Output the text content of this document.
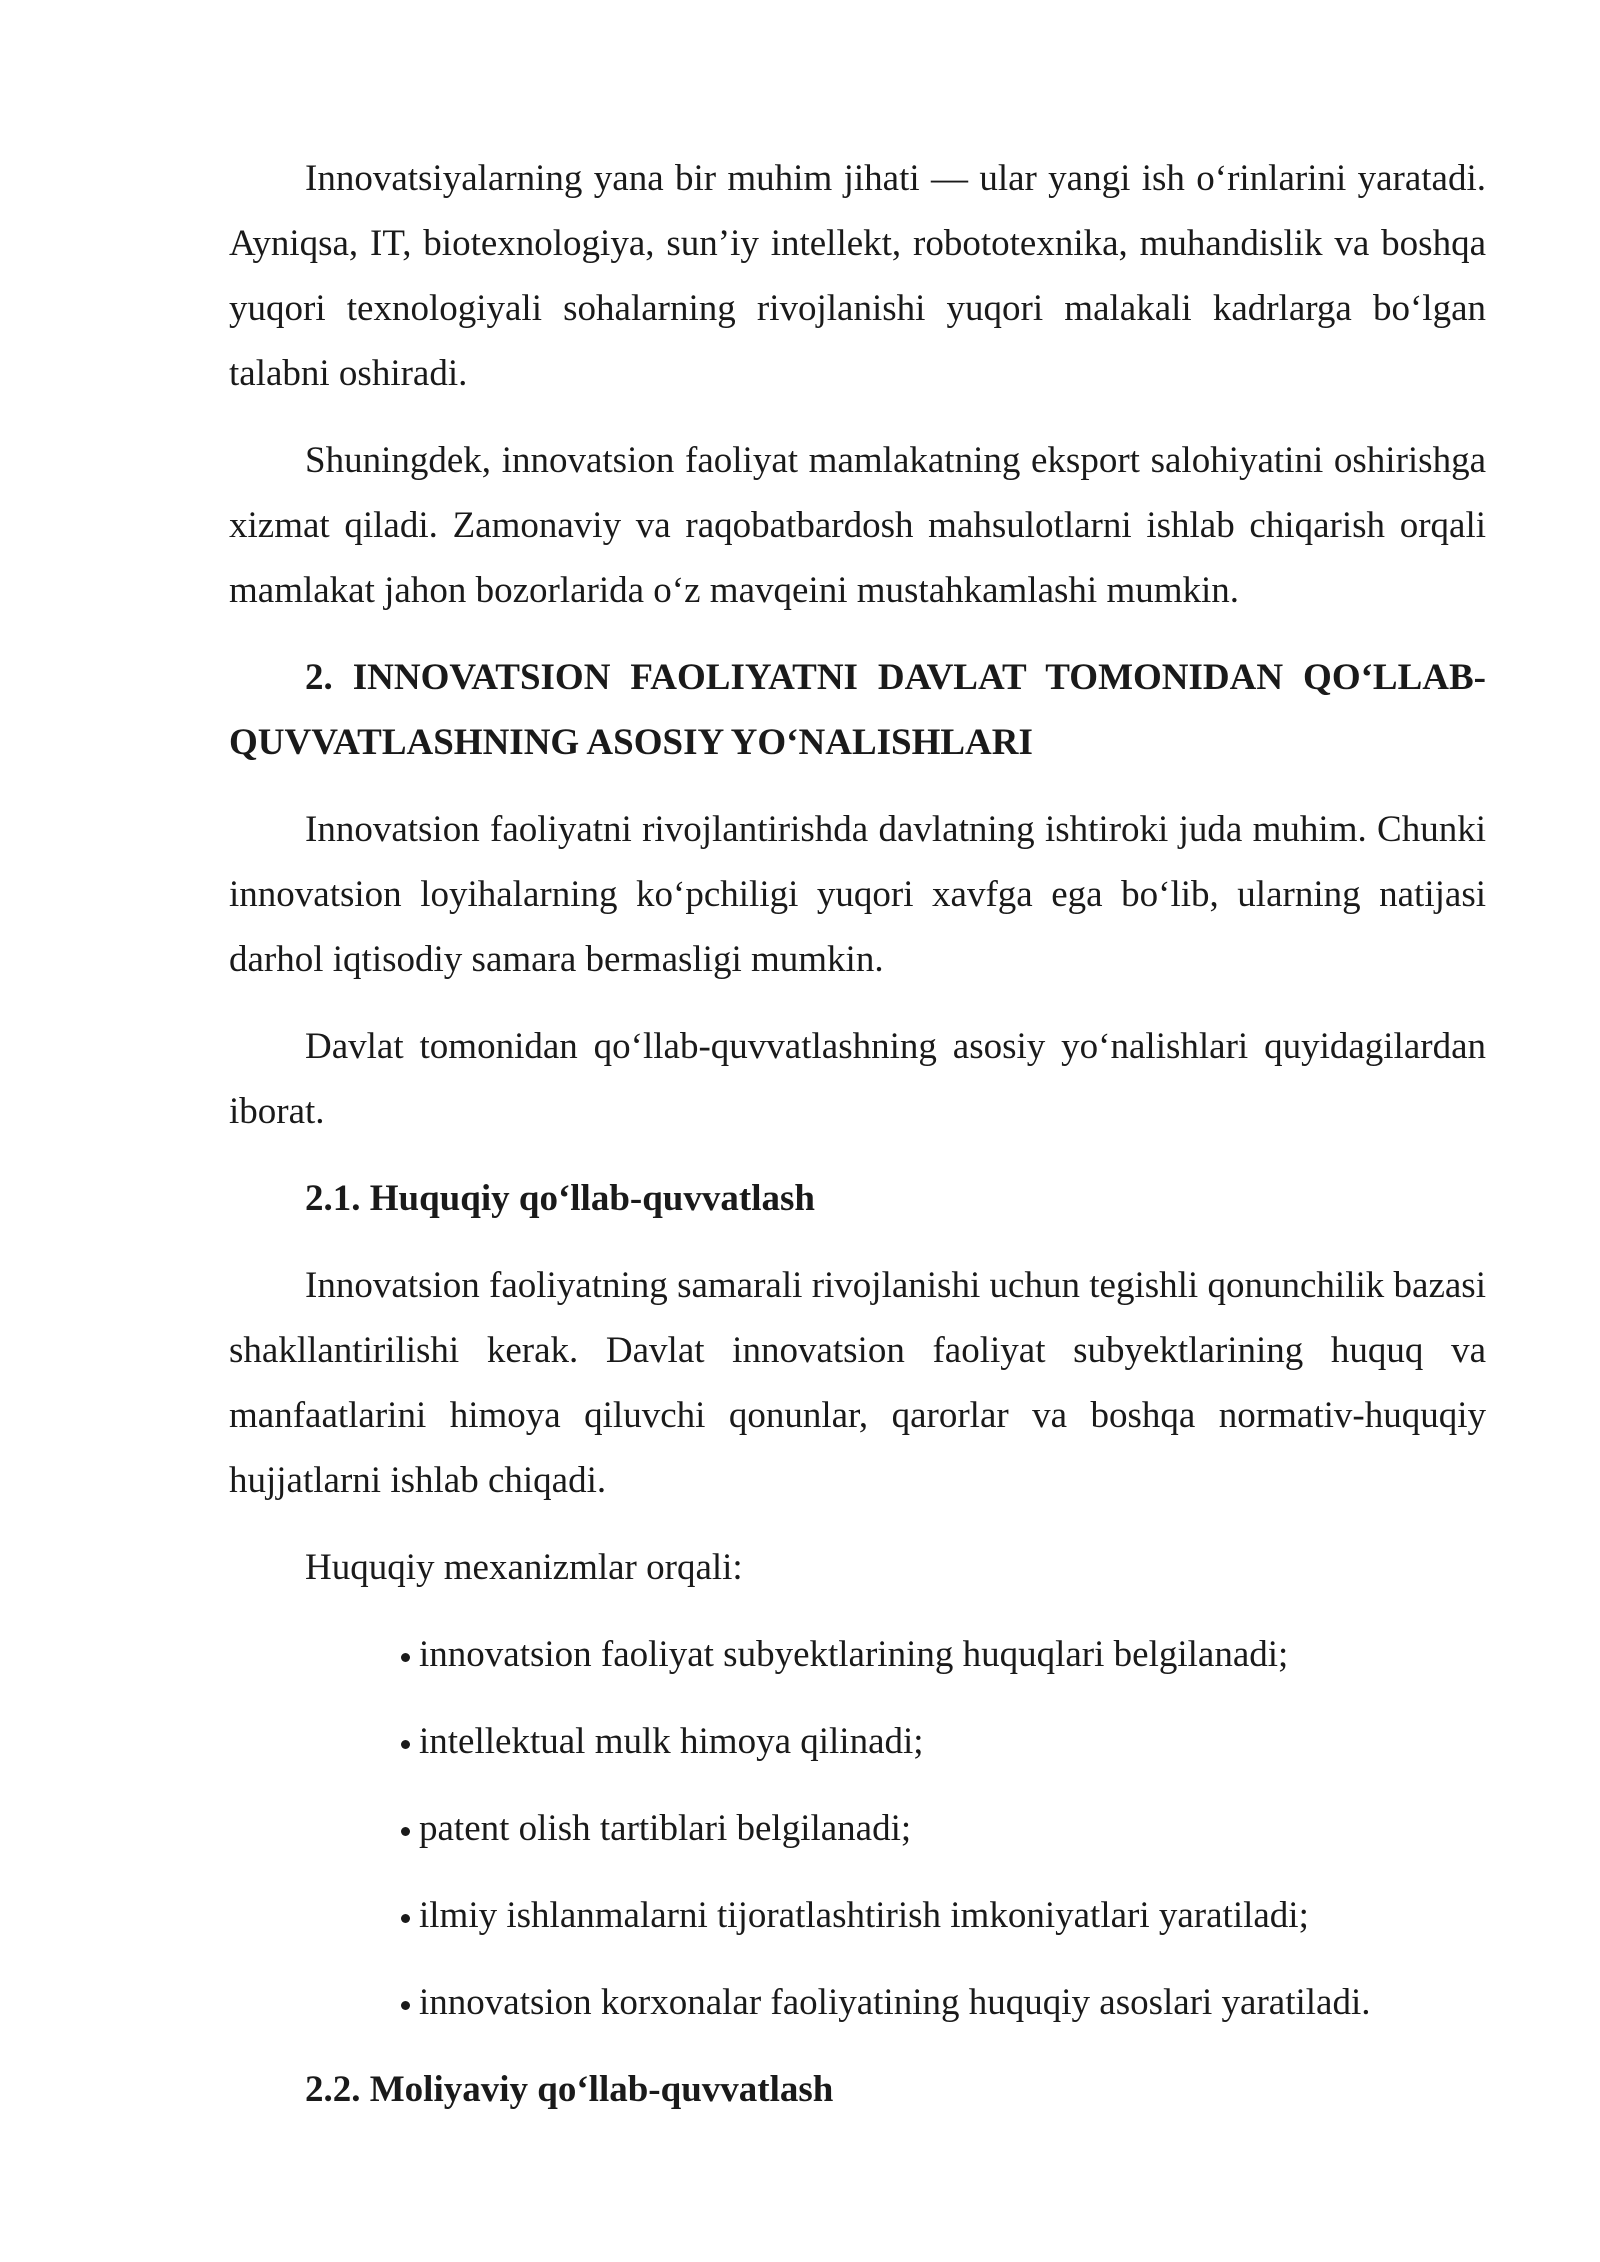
Innovatsiyalarning yana bir muhim jihati — ular yangi ish o‘rinlarini yaratadi. Ayniqsa, IT, biotexnologiya, sun’iy intellekt, robototexnika, muhandislik va boshqa yuqori texnologiyali sohalarning rivojlanishi yuqori malakali kadrlarga bo‘lgan talabni oshiradi.

Shuningdek, innovatsion faoliyat mamlakatning eksport salohiyatini oshirishga xizmat qiladi. Zamonaviy va raqobatbardosh mahsulotlarni ishlab chiqarish orqali mamlakat jahon bozorlarida o‘z mavqeini mustahkamlashi mumkin.

2. INNOVATSION FAOLIYATNI DAVLAT TOMONIDAN QO‘LLAB-QUVVATLASHNING ASOSIY YO‘NALISHLARI

Innovatsion faoliyatni rivojlantirishda davlatning ishtiroki juda muhim. Chunki innovatsion loyihalarning ko‘pchiligi yuqori xavfga ega bo‘lib, ularning natijasi darhol iqtisodiy samara bermasligi mumkin.

Davlat tomonidan qo‘llab-quvvatlashning asosiy yo‘nalishlari quyidagilardan iborat.

2.1. Huquqiy qo‘llab-quvvatlash

Innovatsion faoliyatning samarali rivojlanishi uchun tegishli qonunchilik bazasi shakllantirilishi kerak. Davlat innovatsion faoliyat subyektlarining huquq va manfaatlarini himoya qiluvchi qonunlar, qarorlar va boshqa normativ-huquqiy hujjatlarni ishlab chiqadi.

Huquqiy mexanizmlar orqali:

innovatsion faoliyat subyektlarining huquqlari belgilanadi;
intellektual mulk himoya qilinadi;
patent olish tartiblari belgilanadi;
ilmiy ishlanmalarni tijoratlashtirish imkoniyatlari yaratiladi;
innovatsion korxonalar faoliyatining huquqiy asoslari yaratiladi.

2.2. Moliyaviy qo‘llab-quvvatlash
